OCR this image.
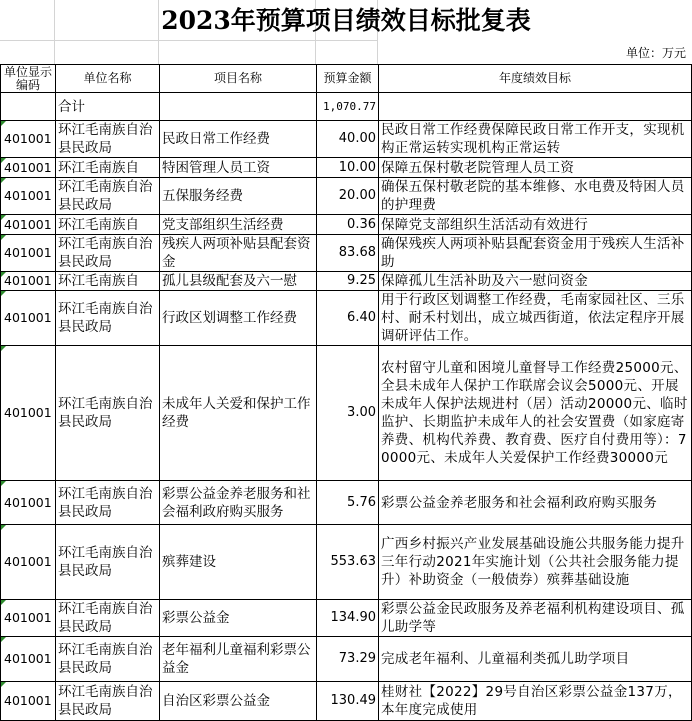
2023年预算项目绩效目标批复表
单位：万元
单位显示编码	单位名称	项目名称	预算金额	年度绩效目标
	合计		1,070.77	
401001	环江毛南族自治县民政局	民政日常工作经费	40.00	民政日常工作经费保障民政日常工作开支，实现机构正常运转实现机构正常运转
401001	环江毛南族自	特困管理人员工资	10.00	保障五保村敬老院管理人员工资
401001	环江毛南族自治县民政局	五保服务经费	20.00	确保五保村敬老院的基本维修、水电费及特困人员的护理费
401001	环江毛南族自	党支部组织生活经费	0.36	保障党支部组织生活活动有效进行
401001	环江毛南族自治县民政局	残疾人两项补贴县配套资金	83.68	确保残疾人两项补贴县配套资金用于残疾人生活补助
401001	环江毛南族自	孤儿县级配套及六一慰	9.25	保障孤儿生活补助及六一慰问资金
401001	环江毛南族自治县民政局	行政区划调整工作经费	6.40	用于行政区划调整工作经费，毛南家园社区、三乐村、耐禾村划出，成立城西街道，依法定程序开展调研评估工作。
401001	环江毛南族自治县民政局	未成年人关爱和保护工作经费	3.00	农村留守儿童和困境儿童督导工作经费25000元、全县未成年人保护工作联席会议会5000元、开展未成年人保护法规进村（居）活动20000元、临时监护、长期监护未成年人的社会安置费（如家庭寄养费、机构代养费、教育费、医疗自付费用等）：70000元、未成年人关爱保护工作经费30000元
401001	环江毛南族自治县民政局	彩票公益金养老服务和社会福利政府购买服务	5.76	彩票公益金养老服务和社会福利政府购买服务
401001	环江毛南族自治县民政局	殡葬建设	553.63	广西乡村振兴产业发展基础设施公共服务能力提升三年行动2021年实施计划（公共社会服务能力提升）补助资金（一般债券）殡葬基础设施
401001	环江毛南族自治县民政局	彩票公益金	134.90	彩票公益金民政服务及养老福利机构建设项目、孤儿助学等
401001	环江毛南族自治县民政局	老年福利儿童福利彩票公益金	73.29	完成老年福利、儿童福利类孤儿助学项目
401001	环江毛南族自治县民政局	自治区彩票公益金	130.49	桂财社【2022】29号自治区彩票公益金137万，本年度完成使用
